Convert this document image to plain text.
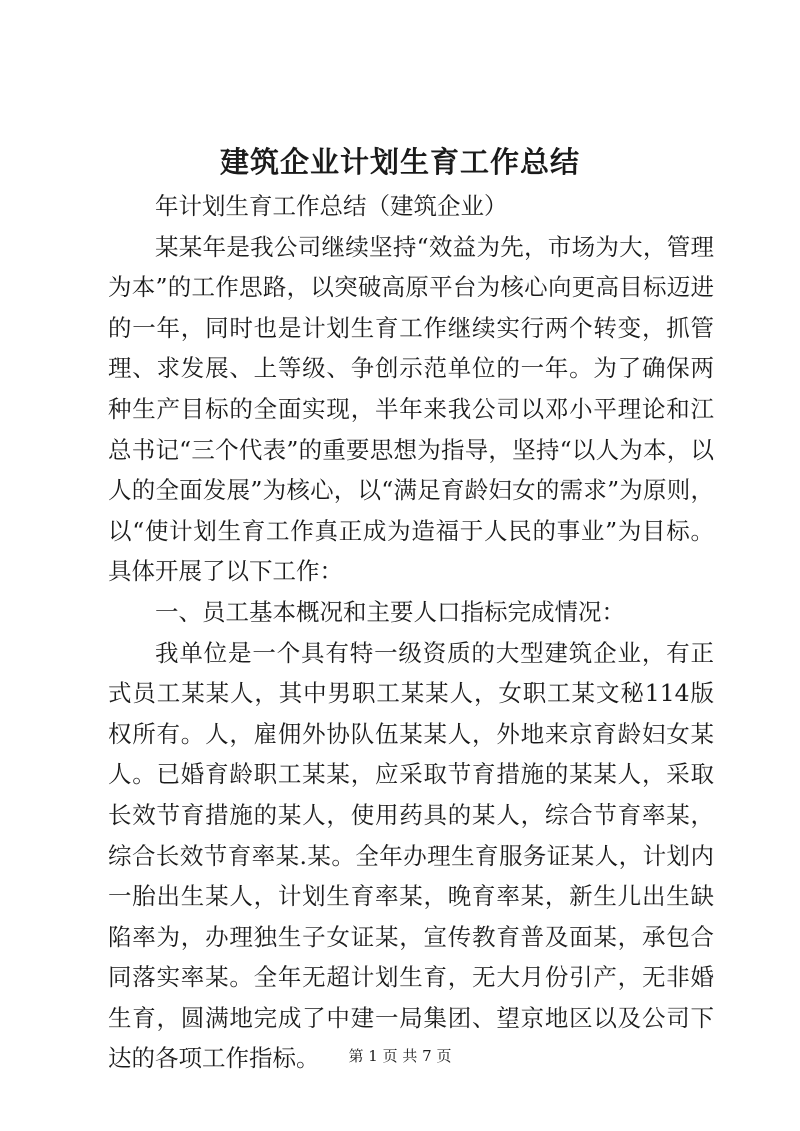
建筑企业计划生育工作总结

年计划生育工作总结（建筑企业）

某某年是我公司继续坚持“效益为先，市场为大，管理为本”的工作思路，以突破高原平台为核心向更高目标迈进的一年，同时也是计划生育工作继续实行两个转变，抓管理、求发展、上等级、争创示范单位的一年。为了确保两种生产目标的全面实现，半年来我公司以邓小平理论和江总书记“三个代表”的重要思想为指导，坚持“以人为本，以人的全面发展”为核心，以“满足育龄妇女的需求”为原则，以“使计划生育工作真正成为造福于人民的事业”为目标。具体开展了以下工作：

一、员工基本概况和主要人口指标完成情况：

我单位是一个具有特一级资质的大型建筑企业，有正式员工某某人，其中男职工某某人，女职工某文秘114版权所有。人，雇佣外协队伍某某人，外地来京育龄妇女某人。已婚育龄职工某某，应采取节育措施的某某人，采取长效节育措施的某人，使用药具的某人，综合节育率某，综合长效节育率某.某。全年办理生育服务证某人，计划内一胎出生某人，计划生育率某，晚育率某，新生儿出生缺陷率为，办理独生子女证某，宣传教育普及面某，承包合同落实率某。全年无超计划生育，无大月份引产，无非婚生育，圆满地完成了中建一局集团、望京地区以及公司下达的各项工作指标。	第 1 页 共 7 页
